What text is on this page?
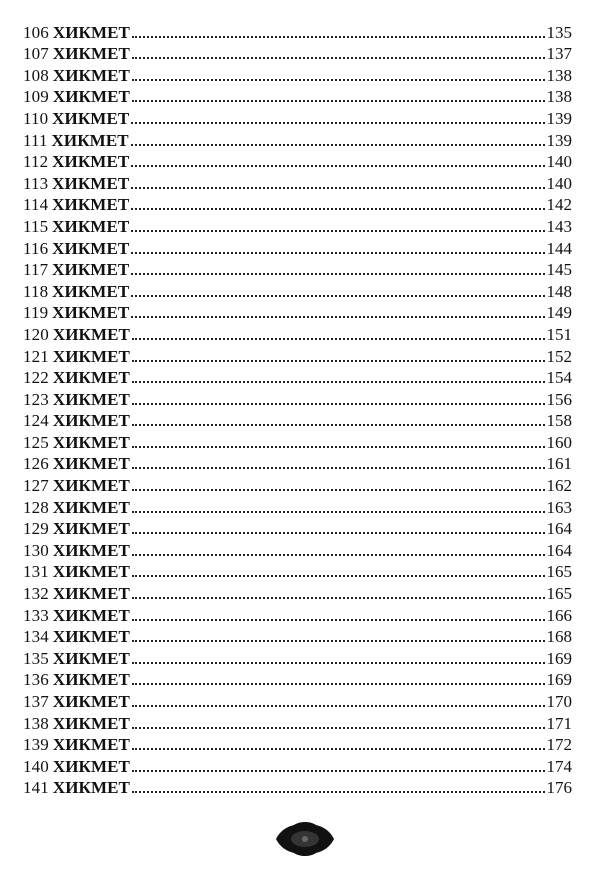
106 ХИКМЕТ	135
107 ХИКМЕТ	137
108 ХИКМЕТ	138
109 ХИКМЕТ	138
110 ХИКМЕТ	139
111 ХИКМЕТ	139
112 ХИКМЕТ	140
113 ХИКМЕТ	140
114 ХИКМЕТ	142
115 ХИКМЕТ	143
116 ХИКМЕТ	144
117 ХИКМЕТ	145
118 ХИКМЕТ	148
119 ХИКМЕТ	149
120 ХИКМЕТ	151
121 ХИКМЕТ	152
122 ХИКМЕТ	154
123 ХИКМЕТ	156
124 ХИКМЕТ	158
125 ХИКМЕТ	160
126 ХИКМЕТ	161
127 ХИКМЕТ	162
128 ХИКМЕТ	163
129 ХИКМЕТ	164
130 ХИКМЕТ	164
131 ХИКМЕТ	165
132 ХИКМЕТ	165
133 ХИКМЕТ	166
134 ХИКМЕТ	168
135 ХИКМЕТ	169
136 ХИКМЕТ	169
137 ХИКМЕТ	170
138 ХИКМЕТ	171
139 ХИКМЕТ	172
140 ХИКМЕТ	174
141 ХИКМЕТ	176
